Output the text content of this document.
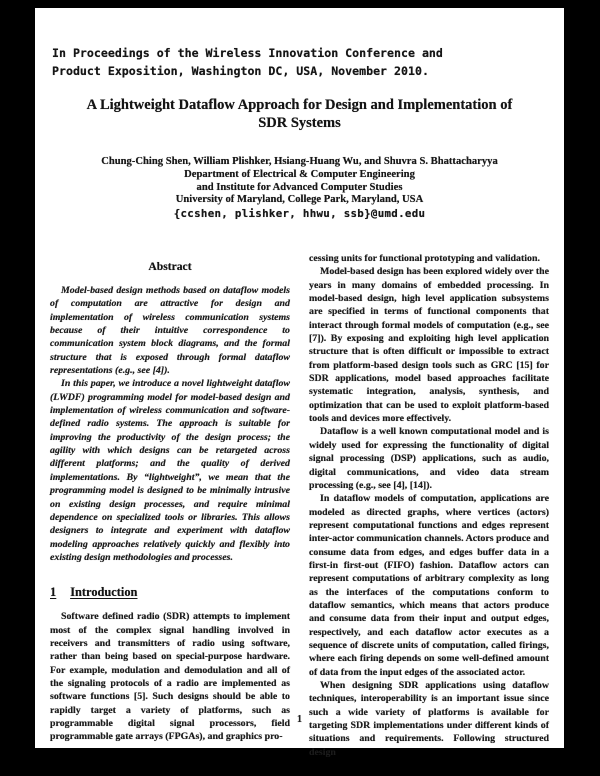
In Proceedings of the Wireless Innovation Conference and
Product Exposition, Washington DC, USA, November 2010.
A Lightweight Dataflow Approach for Design and Implementation of
SDR Systems
Chung-Ching Shen, William Plishker, Hsiang-Huang Wu, and Shuvra S. Bhattacharyya
Department of Electrical & Computer Engineering
and Institute for Advanced Computer Studies
University of Maryland, College Park, Maryland, USA
{ccshen, plishker, hhwu, ssb}@umd.edu
Abstract

Model-based design methods based on dataflow models of computation are attractive for design and implementation of wireless communication systems because of their intuitive correspondence to communication system block diagrams, and the formal structure that is exposed through formal dataflow representations (e.g., see [4]).

In this paper, we introduce a novel lightweight dataflow (LWDF) programming model for model-based design and implementation of wireless communication and software-defined radio systems. The approach is suitable for improving the productivity of the design process; the agility with which designs can be retargeted across different platforms; and the quality of derived implementations. By “lightweight”, we mean that the programming model is designed to be minimally intrusive on existing design processes, and require minimal dependence on specialized tools or libraries. This allows designers to integrate and experiment with dataflow modeling approaches relatively quickly and flexibly into existing design methodologies and processes.

1 Introduction

Software defined radio (SDR) attempts to implement most of the complex signal handling involved in receivers and transmitters of radio using software, rather than being based on special-purpose hardware. For example, modulation and demodulation and all of the signaling protocols of a radio are implemented as software functions [5]. Such designs should be able to rapidly target a variety of platforms, such as programmable digital signal processors, field programmable gate arrays (FPGAs), and graphics pro-

cessing units for functional prototyping and validation.

Model-based design has been explored widely over the years in many domains of embedded processing. In model-based design, high level application subsystems are specified in terms of functional components that interact through formal models of computation (e.g., see [7]). By exposing and exploiting high level application structure that is often difficult or impossible to extract from platform-based design tools such as GRC [15] for SDR applications, model based approaches facilitate systematic integration, analysis, synthesis, and optimization that can be used to exploit platform-based tools and devices more effectively.

Dataflow is a well known computational model and is widely used for expressing the functionality of digital signal processing (DSP) applications, such as audio, digital communications, and video data stream processing (e.g., see [4], [14]).

In dataflow models of computation, applications are modeled as directed graphs, where vertices (actors) represent computational functions and edges represent inter-actor communication channels. Actors produce and consume data from edges, and edges buffer data in a first-in first-out (FIFO) fashion. Dataflow actors can represent computations of arbitrary complexity as long as the interfaces of the computations conform to dataflow semantics, which means that actors produce and consume data from their input and output edges, respectively, and each dataflow actor executes as a sequence of discrete units of computation, called firings, where each firing depends on some well-defined amount of data from the input edges of the associated actor.

When designing SDR applications using dataflow techniques, interoperability is an important issue since such a wide variety of platforms is available for targeting SDR implementations under different kinds of situations and requirements. Following structured design

1
